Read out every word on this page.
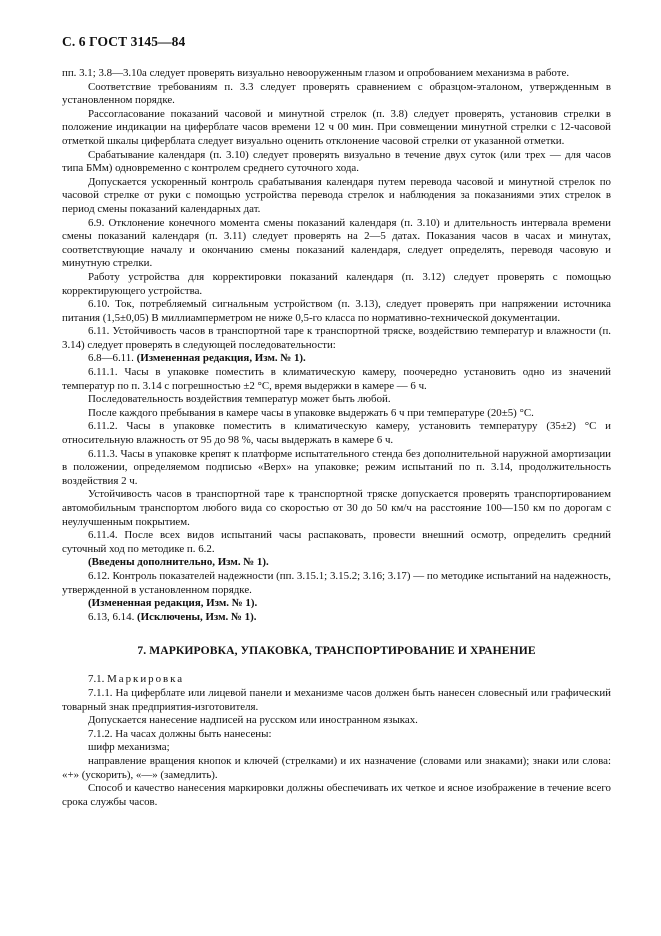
С. 6 ГОСТ 3145—84

пп. 3.1; 3.8—3.10а следует проверять визуально невооруженным глазом и опробованием механизма в работе.

Соответствие требованиям п. 3.3 следует проверять сравнением с образцом-эталоном, утвержденным в установленном порядке.

Рассогласование показаний часовой и минутной стрелок (п. 3.8) следует проверять, установив стрелки в положение индикации на циферблате часов времени 12 ч 00 мин. При совмещении минутной стрелки с 12-часовой отметкой шкалы циферблата следует визуально оценить отклонение часовой стрелки от указанной отметки.

Срабатывание календаря (п. 3.10) следует проверять визуально в течение двух суток (или трех — для часов типа БМм) одновременно с контролем среднего суточного хода.

Допускается ускоренный контроль срабатывания календаря путем перевода часовой и минутной стрелок по часовой стрелке от руки с помощью устройства перевода стрелок и наблюдения за показаниями этих стрелок в период смены показаний календарных дат.

6.9. Отклонение конечного момента смены показаний календаря (п. 3.10) и длительность интервала времени смены показаний календаря (п. 3.11) следует проверять на 2—5 датах. Показания часов в часах и минутах, соответствующие началу и окончанию смены показаний календаря, следует определять, переводя часовую и минутную стрелки.

Работу устройства для корректировки показаний календаря (п. 3.12) следует проверять с помощью корректирующего устройства.

6.10. Ток, потребляемый сигнальным устройством (п. 3.13), следует проверять при напряжении источника питания (1,5±0,05) В миллиамперметром не ниже 0,5-го класса по нормативно-технической документации.

6.11. Устойчивость часов в транспортной таре к транспортной тряске, воздействию температур и влажности (п. 3.14) следует проверять в следующей последовательности:

6.8—6.11. (Измененная редакция, Изм. № 1).

6.11.1. Часы в упаковке поместить в климатическую камеру, поочередно установить одно из значений температур по п. 3.14 с погрешностью ±2 °С, время выдержки в камере — 6 ч.

Последовательность воздействия температур может быть любой.

После каждого пребывания в камере часы в упаковке выдержать 6 ч при температуре (20±5) °С.

6.11.2. Часы в упаковке поместить в климатическую камеру, установить температуру (35±2) °С и относительную влажность от 95 до 98 %, часы выдержать в камере 6 ч.

6.11.3. Часы в упаковке крепят к платформе испытательного стенда без дополнительной наружной амортизации в положении, определяемом подписью «Верх» на упаковке; режим испытаний по п. 3.14, продолжительность воздействия 2 ч.

Устойчивость часов в транспортной таре к транспортной тряске допускается проверять транспортированием автомобильным транспортом любого вида со скоростью от 30 до 50 км/ч на расстояние 100—150 км по дорогам с неулучшенным покрытием.

6.11.4. После всех видов испытаний часы распаковать, провести внешний осмотр, определить средний суточный ход по методике п. 6.2.

(Введены дополнительно, Изм. № 1).

6.12. Контроль показателей надежности (пп. 3.15.1; 3.15.2; 3.16; 3.17) — по методике испытаний на надежность, утвержденной в установленном порядке.

(Измененная редакция, Изм. № 1).

6.13, 6.14. (Исключены, Изм. № 1).

7. МАРКИРОВКА, УПАКОВКА, ТРАНСПОРТИРОВАНИЕ И ХРАНЕНИЕ

7.1. Маркировка

7.1.1. На циферблате или лицевой панели и механизме часов должен быть нанесен словесный или графический товарный знак предприятия-изготовителя.

Допускается нанесение надписей на русском или иностранном языках.

7.1.2. На часах должны быть нанесены:

шифр механизма;

направление вращения кнопок и ключей (стрелками) и их назначение (словами или знаками); знаки или слова: «+» (ускорить), «—» (замедлить).

Способ и качество нанесения маркировки должны обеспечивать их четкое и ясное изображение в течение всего срока службы часов.
